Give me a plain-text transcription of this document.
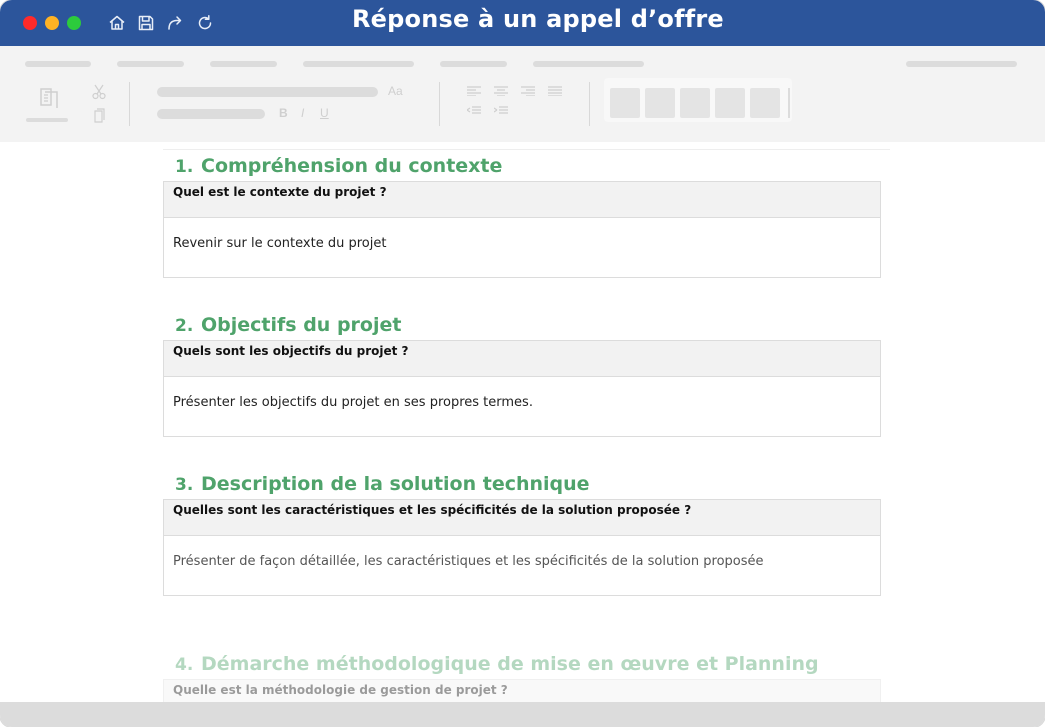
Réponse à un appel d’offre
Aa
B I U
1. Compréhension du contexte
Quel est le contexte du projet ?
Revenir sur le contexte du projet
2. Objectifs du projet
Quels sont les objectifs du projet ?
Présenter les objectifs du projet en ses propres termes.
3. Description de la solution technique
Quelles sont les caractéristiques et les spécificités de la solution proposée ?
Présenter de façon détaillée, les caractéristiques et les spécificités de la solution proposée
4. Démarche méthodologique de mise en œuvre et Planning
Quelle est la méthodologie de gestion de projet ?
